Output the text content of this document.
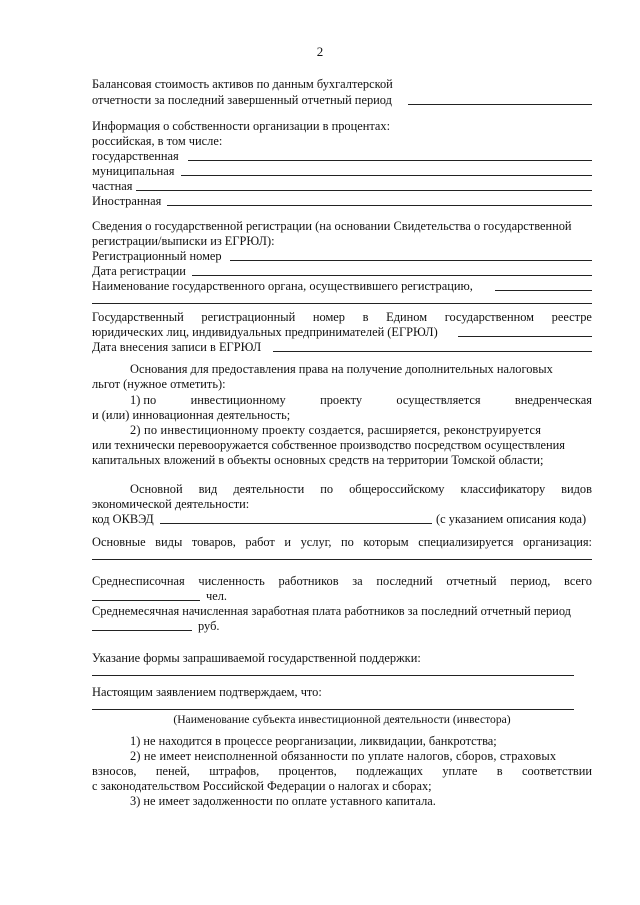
2
Балансовая стоимость активов по данным бухгалтерской
отчетности за последний завершенный отчетный период
Информация о собственности организации в процентах:
российская, в том числе:
государственная
муниципальная
частная
Иностранная
Сведения о государственной регистрации (на основании Свидетельства о государственной
регистрации/выписки из ЕГРЮЛ):
Регистрационный номер
Дата регистрации
Наименование государственного органа, осуществившего регистрацию,
Государственный регистрационный номер в Едином государственном реестре
юридических лиц, индивидуальных предпринимателей (ЕГРЮЛ)
Дата внесения записи в ЕГРЮЛ
Основания для предоставления права на получение дополнительных налоговых
льгот (нужное отметить):
1) по	инвестиционному	проекту	осуществляется	внедренческая
и (или) инновационная деятельность;
2) по инвестиционному проекту создается, расширяется, реконструируется
или технически перевооружается собственное производство посредством осуществления
капитальных вложений в объекты основных средств на территории Томской области;
Основной вид деятельности по общероссийскому классификатору видов
экономической деятельности:
код ОКВЭД	(с указанием описания кода)
Основные виды товаров, работ и услуг, по которым специализируется организация:
Среднесписочная численность работников за последний отчетный период, всего
чел.
Среднемесячная начисленная заработная плата работников за последний отчетный период
руб.
Указание формы запрашиваемой государственной поддержки:
Настоящим заявлением подтверждаем, что:
(Наименование субъекта инвестиционной деятельности (инвестора)
1) не находится в процессе реорганизации, ликвидации, банкротства;
2) не имеет неисполненной обязанности по уплате налогов, сборов, страховых
взносов, пеней, штрафов, процентов, подлежащих уплате в соответствии
с законодательством Российской Федерации о налогах и сборах;
3) не имеет задолженности по оплате уставного капитала.
